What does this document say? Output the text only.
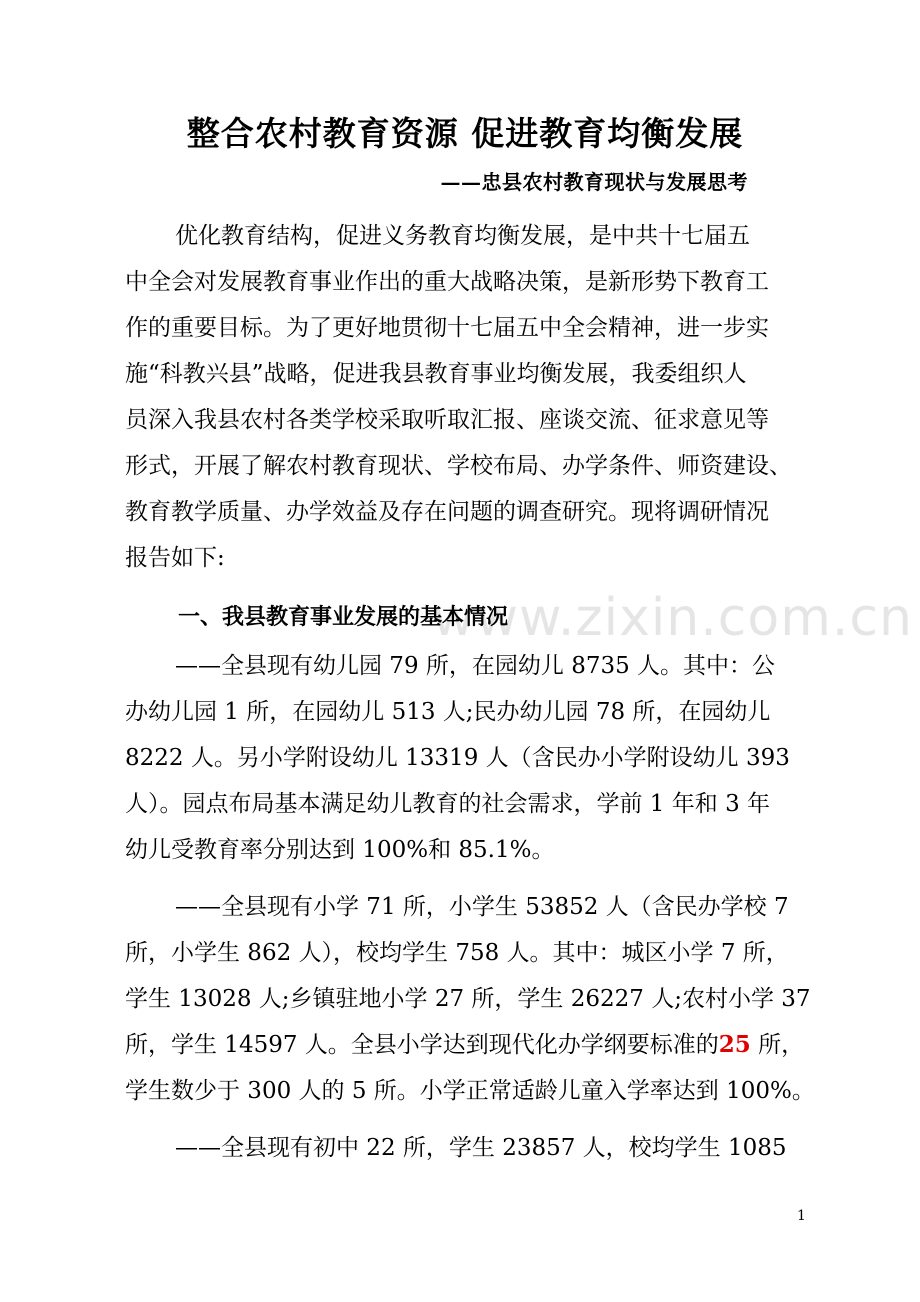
www.zixin.com.cn
整合农村教育资源 促进教育均衡发展
——忠县农村教育现状与发展思考
优化教育结构，促进义务教育均衡发展，是中共十七届五
中全会对发展教育事业作出的重大战略决策，是新形势下教育工
作的重要目标。为了更好地贯彻十七届五中全会精神，进一步实
施“科教兴县”战略，促进我县教育事业均衡发展，我委组织人
员深入我县农村各类学校采取听取汇报、座谈交流、征求意见等
形式，开展了解农村教育现状、学校布局、办学条件、师资建设、
教育教学质量、办学效益及存在问题的调查研究。现将调研情况
报告如下:
一、我县教育事业发展的基本情况
——全县现有幼儿园 79 所，在园幼儿 8735 人。其中：公
办幼儿园 1 所，在园幼儿 513 人;民办幼儿园 78 所，在园幼儿
8222 人。另小学附设幼儿 13319 人（含民办小学附设幼儿 393
人）。园点布局基本满足幼儿教育的社会需求，学前 1 年和 3 年
幼儿受教育率分别达到 100%和 85.1%。
——全县现有小学 71 所，小学生 53852 人（含民办学校 7
所，小学生 862 人），校均学生 758 人。其中：城区小学 7 所，
学生 13028 人;乡镇驻地小学 27 所，学生 26227 人;农村小学 37
所，学生 14597 人。全县小学达到现代化办学纲要标准的25 所，
学生数少于 300 人的 5 所。小学正常适龄儿童入学率达到 100%。
——全县现有初中 22 所，学生 23857 人，校均学生 1085
1
